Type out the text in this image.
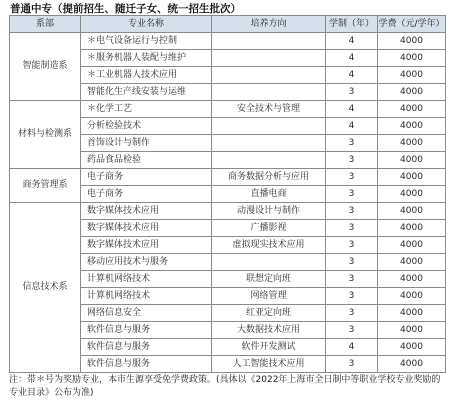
普通中专（提前招生、随迁子女、统一招生批次）
系部	专业名称	培养方向	学制（年）	学费（元/学年）
智能制造系	＊电气设备运行与控制		4	4000
	＊服务机器人装配与维护		4	4000
	＊工业机器人技术应用		4	4000
	智能化生产线安装与运维		3	4000
材料与检测系	＊化学工艺	安全技术与管理	4	4000
	分析检验技术		4	4000
	首饰设计与制作		3	4000
	药品食品检验		3	4000
商务管理系	电子商务	商务数据分析与应用	3	4000
	电子商务	直播电商	3	4000
信息技术系	数字媒体技术应用	动漫设计与制作	3	4000
	数字媒体技术应用	广播影视	3	4000
	数字媒体技术应用	虚拟现实技术应用	3	4000
	移动应用技术与服务		3	4000
	计算机网络技术	联想定向班	3	4000
	计算机网络技术	网络管理	3	4000
	网络信息安全	红亚定向班	3	4000
	软件信息与服务	大数据技术应用	3	4000
	软件信息与服务	软件开发测试	4	4000
	软件信息与服务	人工智能技术应用	3	4000
注：带＊号为奖励专业，本市生源享受免学费政策。(具体以《2022年上海市全日制中等职业学校专业奖励的专业目录》公布为准)
